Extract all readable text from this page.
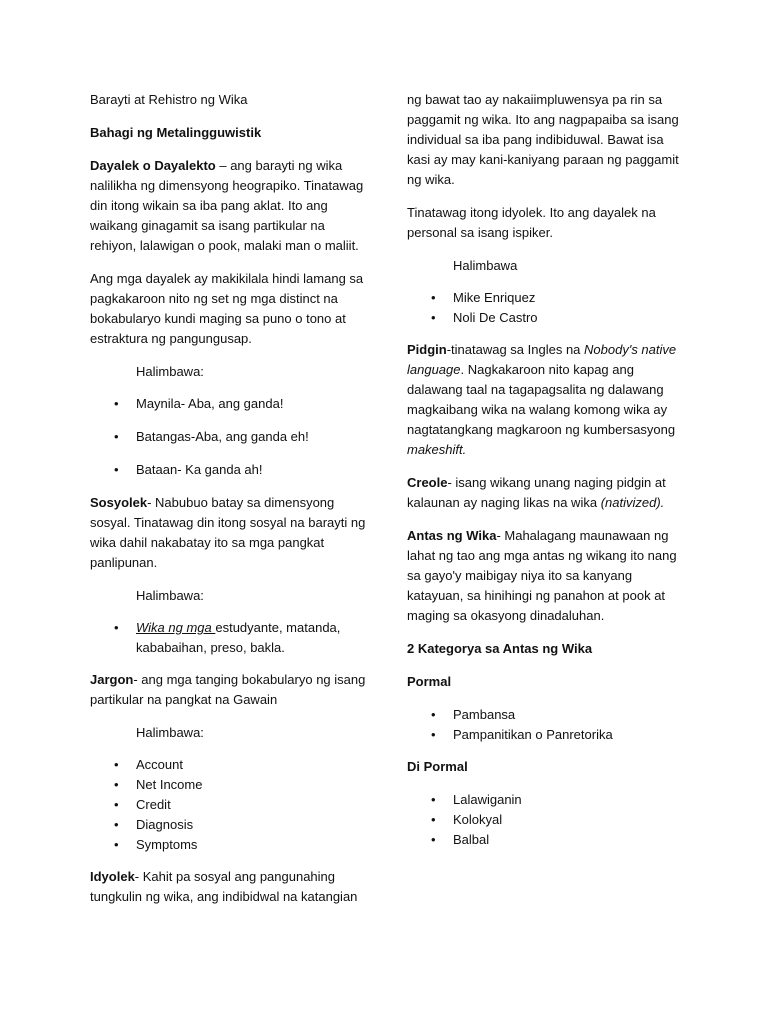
Barayti at Rehistro ng Wika

Bahagi ng Metalingguwistik

Dayalek o Dayalekto – ang barayti ng wika nalilikha ng dimensyong heograpiko. Tinatawag din itong wikain sa iba pang aklat. Ito ang waikang ginagamit sa isang partikular na rehiyon, lalawigan o pook, malaki man o maliit.

Ang mga dayalek ay makikilala hindi lamang sa pagkakaroon nito ng set ng mga distinct na bokabularyo kundi maging sa puno o tono at estraktura ng pangungusap.

Halimbawa:

• Maynila- Aba, ang ganda!
• Batangas-Aba, ang ganda eh!
• Bataan- Ka ganda ah!

Sosyolek- Nabubuo batay sa dimensyong sosyal. Tinatawag din itong sosyal na barayti ng wika dahil nakabatay ito sa mga pangkat panlipunan.

Halimbawa:

• Wika ng mga estudyante, matanda, kababaihan, preso, bakla.

Jargon- ang mga tanging bokabularyo ng isang partikular na pangkat na Gawain

Halimbawa:

• Account
• Net Income
• Credit
• Diagnosis
• Symptoms

Idyolek- Kahit pa sosyal ang pangunahing tungkulin ng wika, ang indibidwal na katangian

ng bawat tao ay nakaiimpluwensya pa rin sa paggamit ng wika. Ito ang nagpapaiba sa isang individual sa iba pang indibiduwal. Bawat isa kasi ay may kani-kaniyang paraan ng paggamit ng wika.

Tinatawag itong idyolek. Ito ang dayalek na personal sa isang ispiker.

Halimbawa

• Mike Enriquez
• Noli De Castro

Pidgin-tinatawag sa Ingles na Nobody's native language. Nagkakaroon nito kapag ang dalawang taal na tagapagsalita ng dalawang magkaibang wika na walang komong wika ay nagtatangkang magkaroon ng kumbersasyong makeshift.

Creole- isang wikang unang naging pidgin at kalaunan ay naging likas na wika (nativized).

Antas ng Wika- Mahalagang maunawaan ng lahat ng tao ang mga antas ng wikang ito nang sa gayo'y maibigay niya ito sa kanyang katayuan, sa hinihingi ng panahon at pook at maging sa okasyong dinadaluhan.

2 Kategorya sa Antas ng Wika

Pormal

• Pambansa
• Pampanitikan o Panretorika

Di Pormal

• Lalawiganin
• Kolokyal
• Balbal
